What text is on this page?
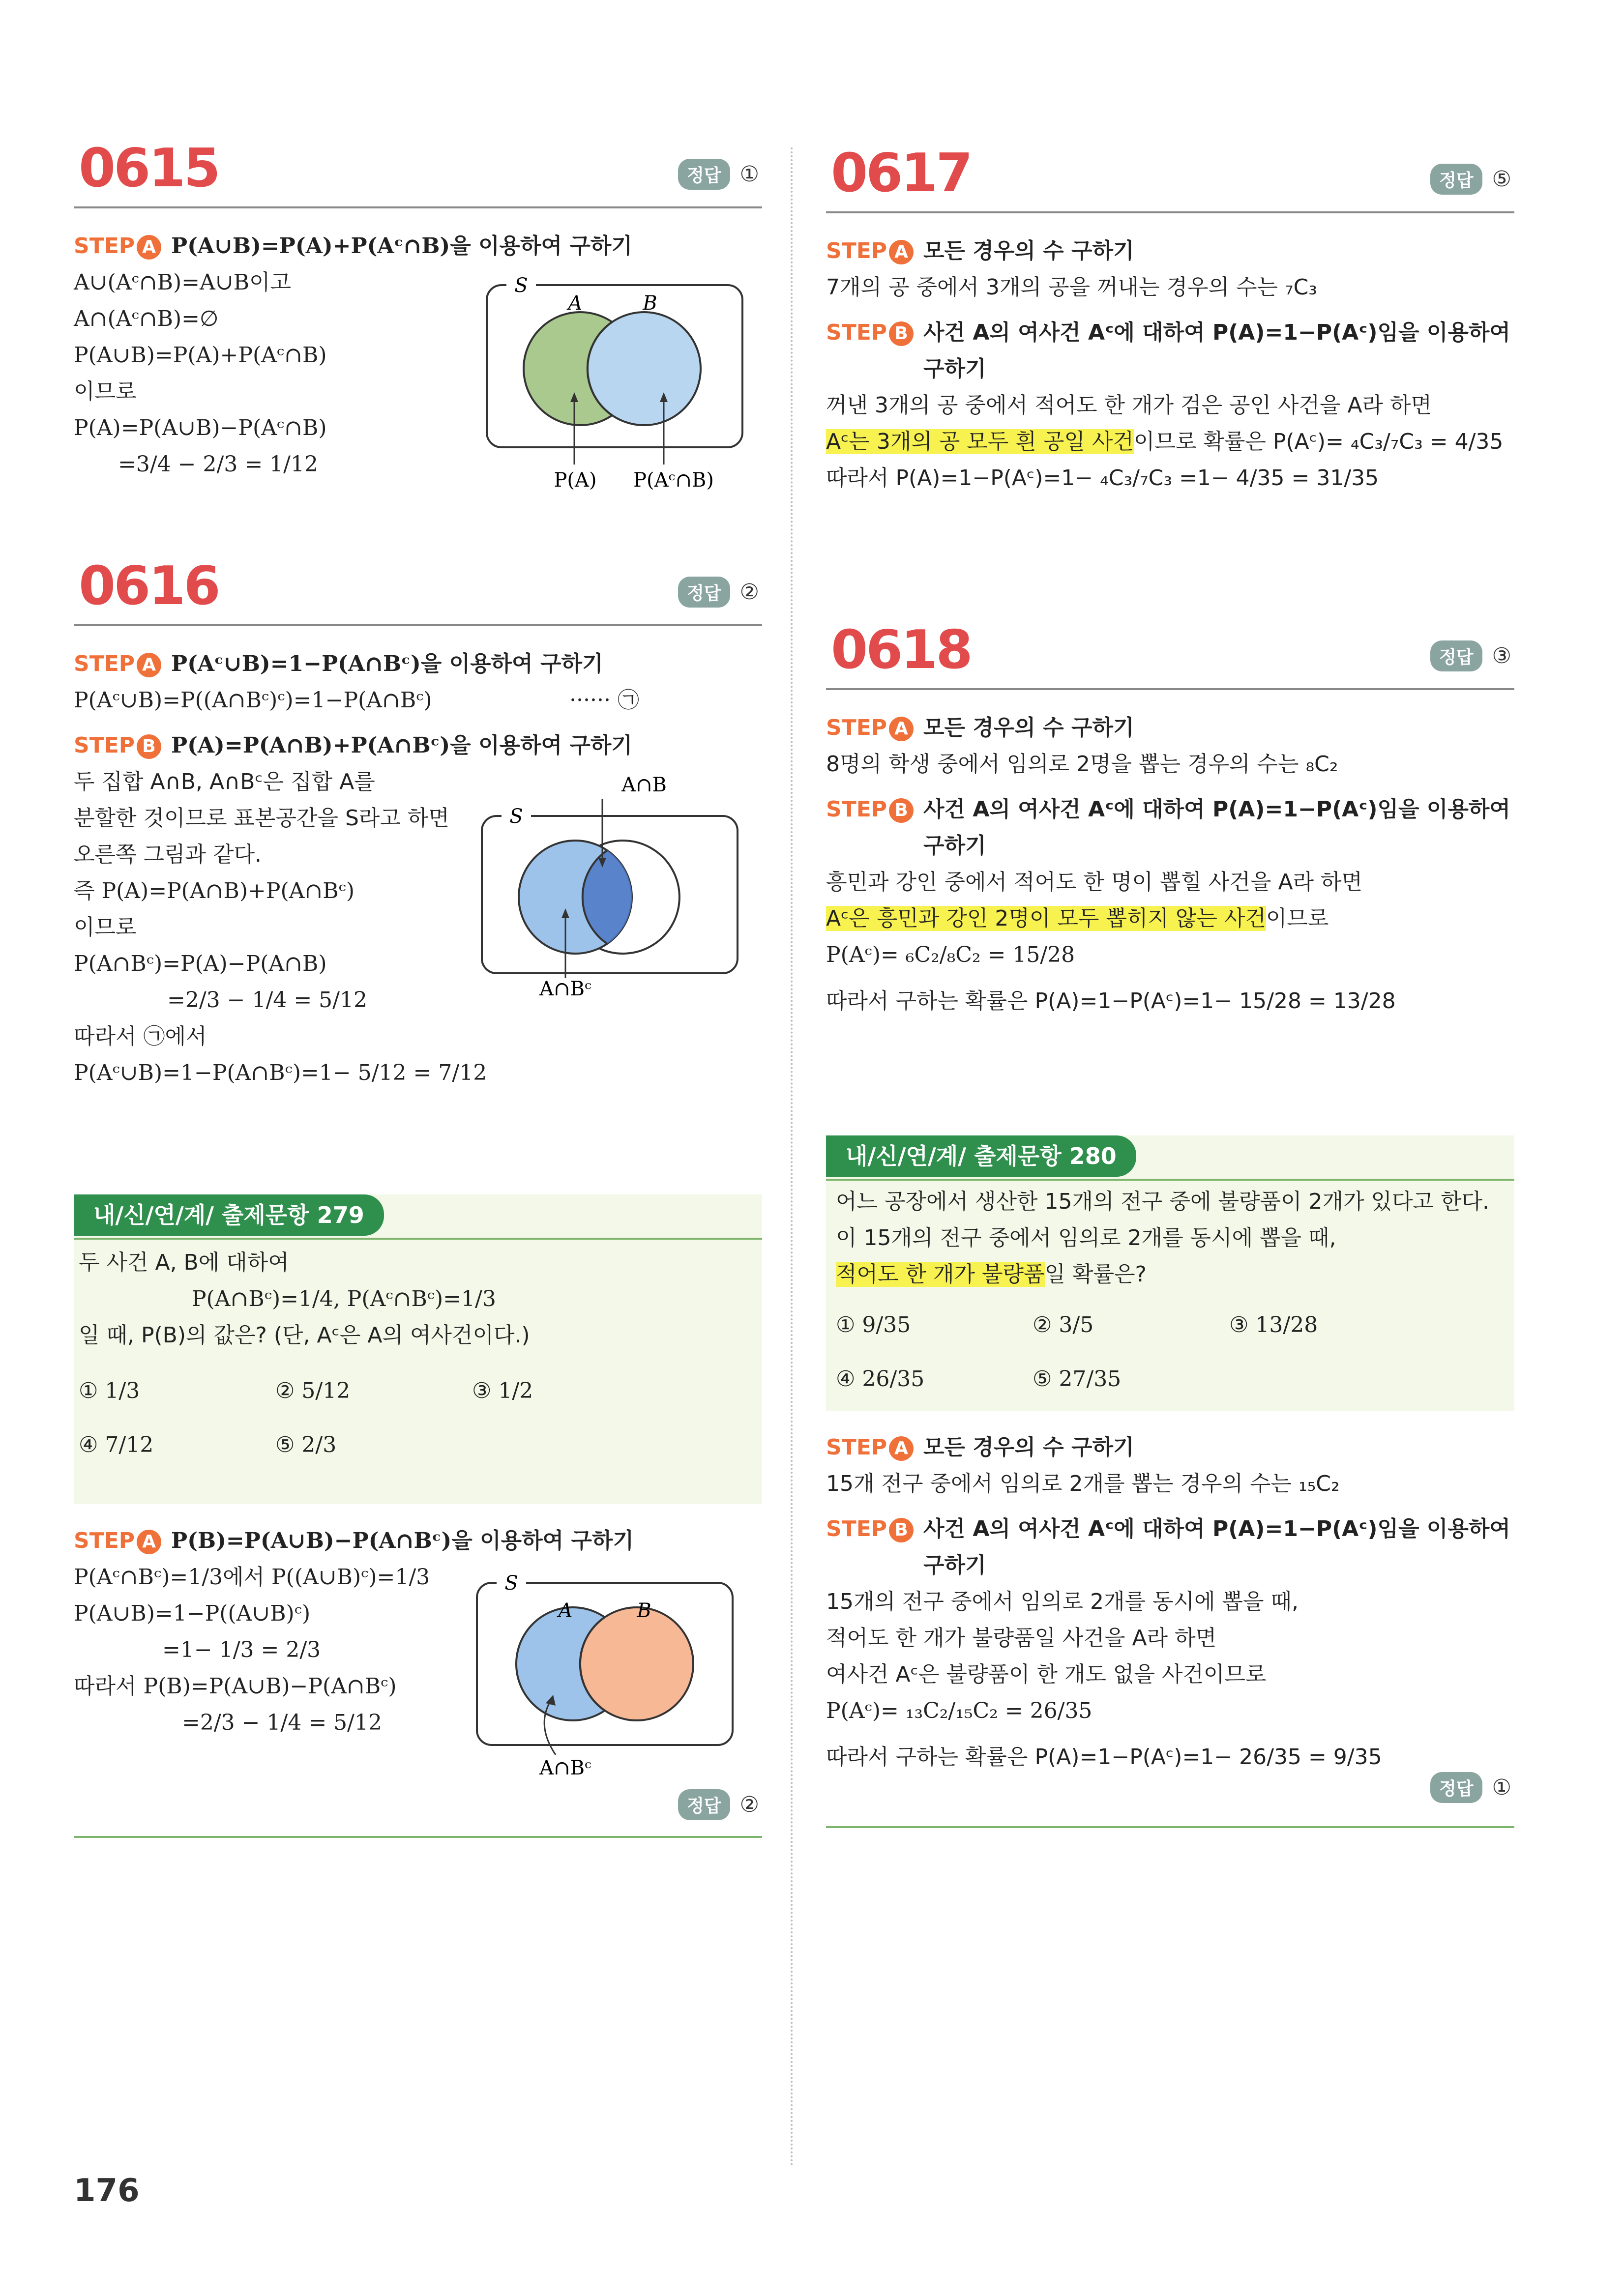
0615	정답 ①
STEP A P(A∪B)=P(A)+P(Aᶜ∩B)을 이용하여 구하기
A∪(Aᶜ∩B)=A∪B이고
A∩(Aᶜ∩B)=∅
P(A∪B)=P(A)+P(Aᶜ∩B)
이므로
P(A)=P(A∪B)−P(Aᶜ∩B)
=3/4 − 2/3 = 1/12
S
A	B
P(A) P(Aᶜ∩B)
0616	정답 ②
STEP A P(Aᶜ∪B)=1−P(A∩Bᶜ)을 이용하여 구하기
P(Aᶜ∪B)=P((A∩Bᶜ)ᶜ)=1−P(A∩Bᶜ)	······ ㉠
STEP B P(A)=P(A∩B)+P(A∩Bᶜ)을 이용하여 구하기
두 집합 A∩B, A∩Bᶜ은 집합 A를
분할한 것이므로 표본공간을 S라고 하면
오른쪽 그림과 같다.
즉 P(A)=P(A∩B)+P(A∩Bᶜ)
이므로
P(A∩Bᶜ)=P(A)−P(A∩B)
=2/3 − 1/4 = 5/12
따라서 ㉠에서
P(Aᶜ∪B)=1−P(A∩Bᶜ)=1− 5/12 = 7/12
A∩B
S
A∩Bᶜ
내/신/연/계/ 출제문항 279
두 사건 A, B에 대하여
P(A∩Bᶜ)=1/4, P(Aᶜ∩Bᶜ)=1/3
일 때, P(B)의 값은? (단, Aᶜ은 A의 여사건이다.)
① 1/3	② 5/12	③ 1/2
④ 7/12	⑤ 2/3
STEP A P(B)=P(A∪B)−P(A∩Bᶜ)을 이용하여 구하기
P(Aᶜ∩Bᶜ)=1/3에서 P((A∪B)ᶜ)=1/3
P(A∪B)=1−P((A∪B)ᶜ)
=1− 1/3 = 2/3
따라서 P(B)=P(A∪B)−P(A∩Bᶜ)
=2/3 − 1/4 = 5/12
S
A	B
A∩Bᶜ
정답 ②
0617	정답 ⑤
STEP A 모든 경우의 수 구하기
7개의 공 중에서 3개의 공을 꺼내는 경우의 수는 ₇C₃
STEP B 사건 A의 여사건 Aᶜ에 대하여 P(A)=1−P(Aᶜ)임을 이용하여
구하기
꺼낸 3개의 공 중에서 적어도 한 개가 검은 공인 사건을 A라 하면
Aᶜ는 3개의 공 모두 흰 공일 사건이므로 확률은 P(Aᶜ)= ₄C₃/₇C₃ = 4/35
따라서 P(A)=1−P(Aᶜ)=1− ₄C₃/₇C₃ =1− 4/35 = 31/35
0618	정답 ③
STEP A 모든 경우의 수 구하기
8명의 학생 중에서 임의로 2명을 뽑는 경우의 수는 ₈C₂
STEP B 사건 A의 여사건 Aᶜ에 대하여 P(A)=1−P(Aᶜ)임을 이용하여
구하기
흥민과 강인 중에서 적어도 한 명이 뽑힐 사건을 A라 하면
Aᶜ은 흥민과 강인 2명이 모두 뽑히지 않는 사건이므로
P(Aᶜ)= ₆C₂/₈C₂ = 15/28
따라서 구하는 확률은 P(A)=1−P(Aᶜ)=1− 15/28 = 13/28
내/신/연/계/ 출제문항 280
어느 공장에서 생산한 15개의 전구 중에 불량품이 2개가 있다고 한다.
이 15개의 전구 중에서 임의로 2개를 동시에 뽑을 때,
적어도 한 개가 불량품일 확률은?
① 9/35	② 3/5	③ 13/28
④ 26/35	⑤ 27/35
STEP A 모든 경우의 수 구하기
15개 전구 중에서 임의로 2개를 뽑는 경우의 수는 ₁₅C₂
STEP B 사건 A의 여사건 Aᶜ에 대하여 P(A)=1−P(Aᶜ)임을 이용하여
구하기
15개의 전구 중에서 임의로 2개를 동시에 뽑을 때,
적어도 한 개가 불량품일 사건을 A라 하면
여사건 Aᶜ은 불량품이 한 개도 없을 사건이므로
P(Aᶜ)= ₁₃C₂/₁₅C₂ = 26/35
따라서 구하는 확률은 P(A)=1−P(Aᶜ)=1− 26/35 = 9/35
정답 ①
176
